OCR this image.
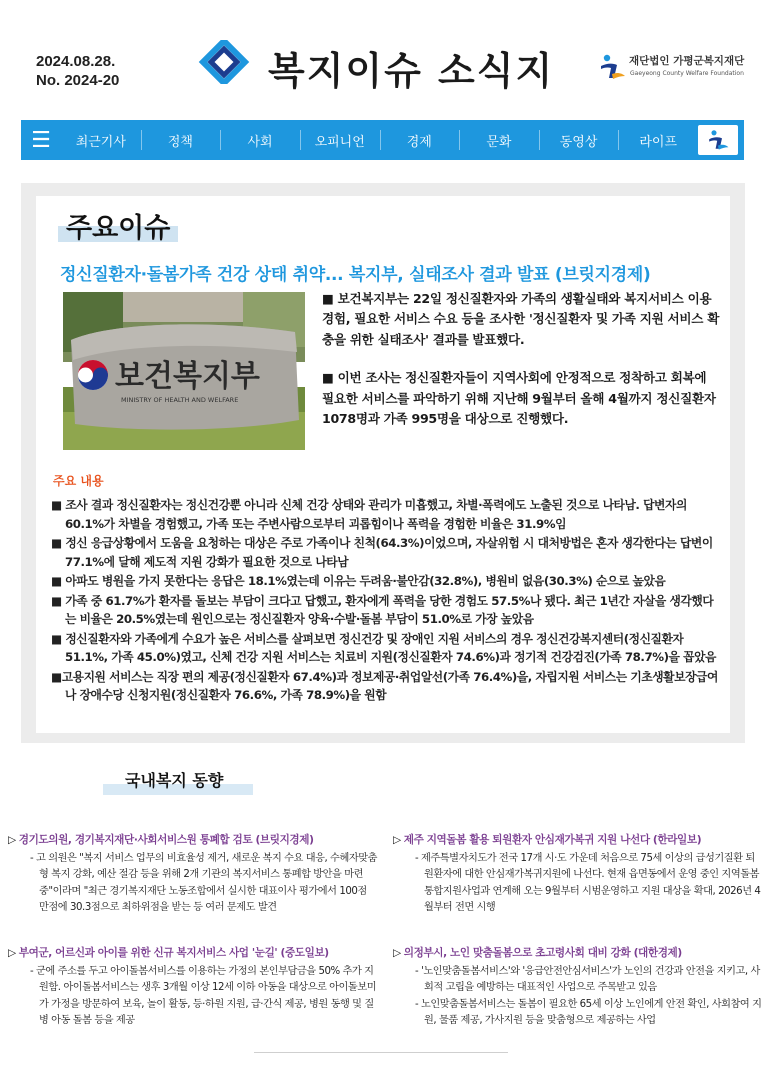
2024.08.28.
No. 2024-20	복지이슈 소식지	재단법인 가평군복지재단
Gaeyeong County Welfare Foundation
☰	최근기사	정책	사회	오피니언	경제	문화	동영상	라이프
주요이슈
정신질환자·돌봄가족 건강 상태 취약... 복지부, 실태조사 결과 발표 (브릿지경제)
보건복지부
MINISTRY OF HEALTH AND WELFARE

■ 보건복지부는 22일 정신질환자와 가족의 생활실태와 복지서비스 이용 경험, 필요한 서비스 수요 등을 조사한 '정신질환자 및 가족 지원 서비스 확충을 위한 실태조사' 결과를 발표했다.

■ 이번 조사는 정신질환자들이 지역사회에 안정적으로 정착하고 회복에 필요한 서비스를 파악하기 위해 지난해 9월부터 올해 4월까지 정신질환자 1078명과 가족 995명을 대상으로 진행했다.

주요 내용
■ 조사 결과 정신질환자는 정신건강뿐 아니라 신체 건강 상태와 관리가 미흡했고, 차별·폭력에도 노출된 것으로 나타남. 답변자의 60.1%가 차별을 경험했고, 가족 또는 주변사람으로부터 괴롭힘이나 폭력을 경험한 비율은 31.9%임
■ 정신 응급상황에서 도움을 요청하는 대상은 주로 가족이나 친척(64.3%)이었으며, 자살위험 시 대처방법은 혼자 생각한다는 답변이 77.1%에 달해 제도적 지원 강화가 필요한 것으로 나타남
■ 아파도 병원을 가지 못한다는 응답은 18.1%였는데 이유는 두려움·불안감(32.8%), 병원비 없음(30.3%) 순으로 높았음
■ 가족 중 61.7%가 환자를 돌보는 부담이 크다고 답했고, 환자에게 폭력을 당한 경험도 57.5%나 됐다. 최근 1년간 자살을 생각했다는 비율은 20.5%였는데 원인으로는 정신질환자 양육·수발·돌봄 부담이 51.0%로 가장 높았음
■ 정신질환자와 가족에게 수요가 높은 서비스를 살펴보면 정신건강 및 장애인 지원 서비스의 경우 정신건강복지센터(정신질환자 51.1%, 가족 45.0%)였고, 신체 건강 지원 서비스는 치료비 지원(정신질환자 74.6%)과 정기적 건강검진(가족 78.7%)을 꼽았음
■고용지원 서비스는 직장 편의 제공(정신질환자 67.4%)과 정보제공·취업알선(가족 76.4%)을, 자립지원 서비스는 기초생활보장급여나 장애수당 신청지원(정신질환자 76.6%, 가족 78.9%)을 원함
국내복지 동향
▷ 경기도의원, 경기복지재단·사회서비스원 통폐합 검토 (브릿지경제)
- 고 의원은 "복지 서비스 업무의 비효율성 제거, 새로운 복지 수요 대응, 수혜자맞춤형 복지 강화, 예산 절감 등을 위해 2개 기관의 복지서비스 통폐합 방안을 마련중"이라며 "최근 경기복지재단 노동조합에서 실시한 대표이사 평가에서 100점 만점에 30.3점으로 최하위점을 받는 등 여러 문제도 발견
▷ 제주 지역돌봄 활용 퇴원환자 안심재가복귀 지원 나선다 (한라일보)
- 제주특별자치도가 전국 17개 시·도 가운데 처음으로 75세 이상의 급성기질환 퇴원환자에 대한 안심재가복귀지원에 나선다. 현재 읍면동에서 운영 중인 지역돌봄통합지원사업과 연계해 오는 9월부터 시범운영하고 지원 대상을 확대, 2026년 4월부터 전면 시행
▷ 부여군, 어르신과 아이를 위한 신규 복지서비스 사업 '눈길' (중도일보)
- 군에 주소를 두고 아이돌봄서비스를 이용하는 가정의 본인부담금을 50% 추가 지원함. 아이돌봄서비스는 생후 3개월 이상 12세 이하 아동을 대상으로 아이돌보미가 가정을 방문하여 보육, 놀이 활동, 등·하원 지원, 급·간식 제공, 병원 동행 및 질병 아동 돌봄 등을 제공
▷ 의정부시, 노인 맞춤돌봄으로 초고령사회 대비 강화 (대한경제)
- '노인맞춤돌봄서비스'와 '응급안전안심서비스'가 노인의 건강과 안전을 지키고, 사회적 고립을 예방하는 대표적인 사업으로 주목받고 있음
- 노인맞춤돌봄서비스는 돌봄이 필요한 65세 이상 노인에게 안전 확인, 사회참여 지원, 물품 제공, 가사지원 등을 맞춤형으로 제공하는 사업
